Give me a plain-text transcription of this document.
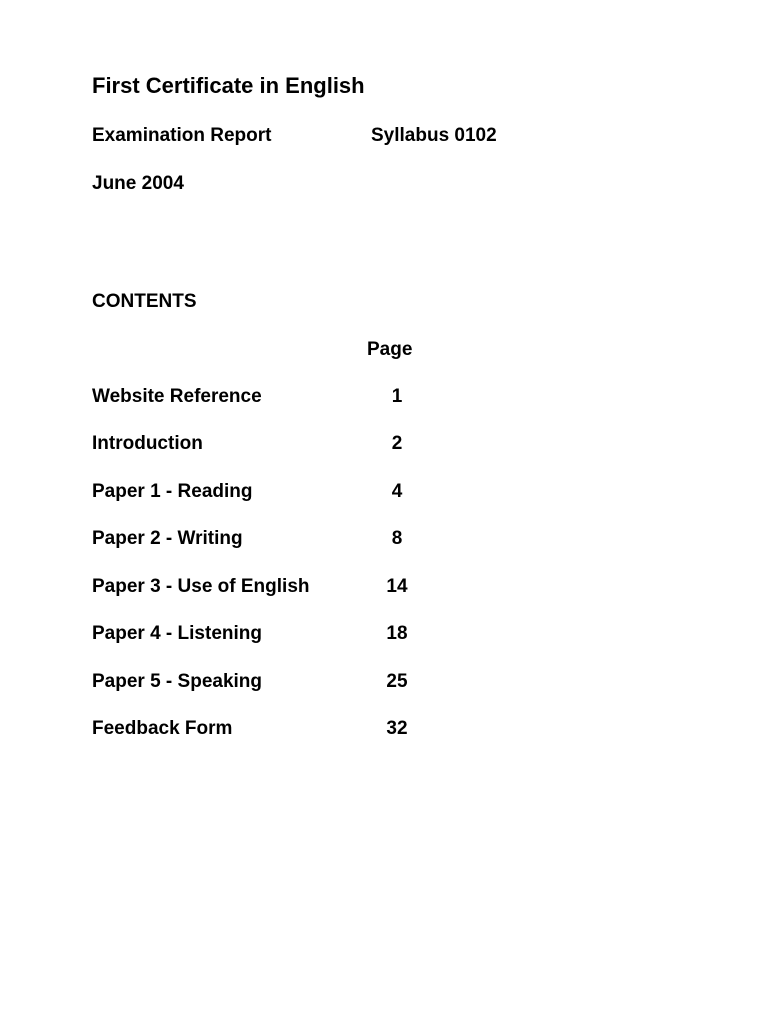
First Certificate in English
Examination Report	Syllabus 0102
June 2004
CONTENTS
Page
Website Reference	1
Introduction	2
Paper 1 - Reading	4
Paper 2 - Writing	8
Paper 3 - Use of English	14
Paper 4 - Listening	18
Paper 5 - Speaking	25
Feedback Form	32
